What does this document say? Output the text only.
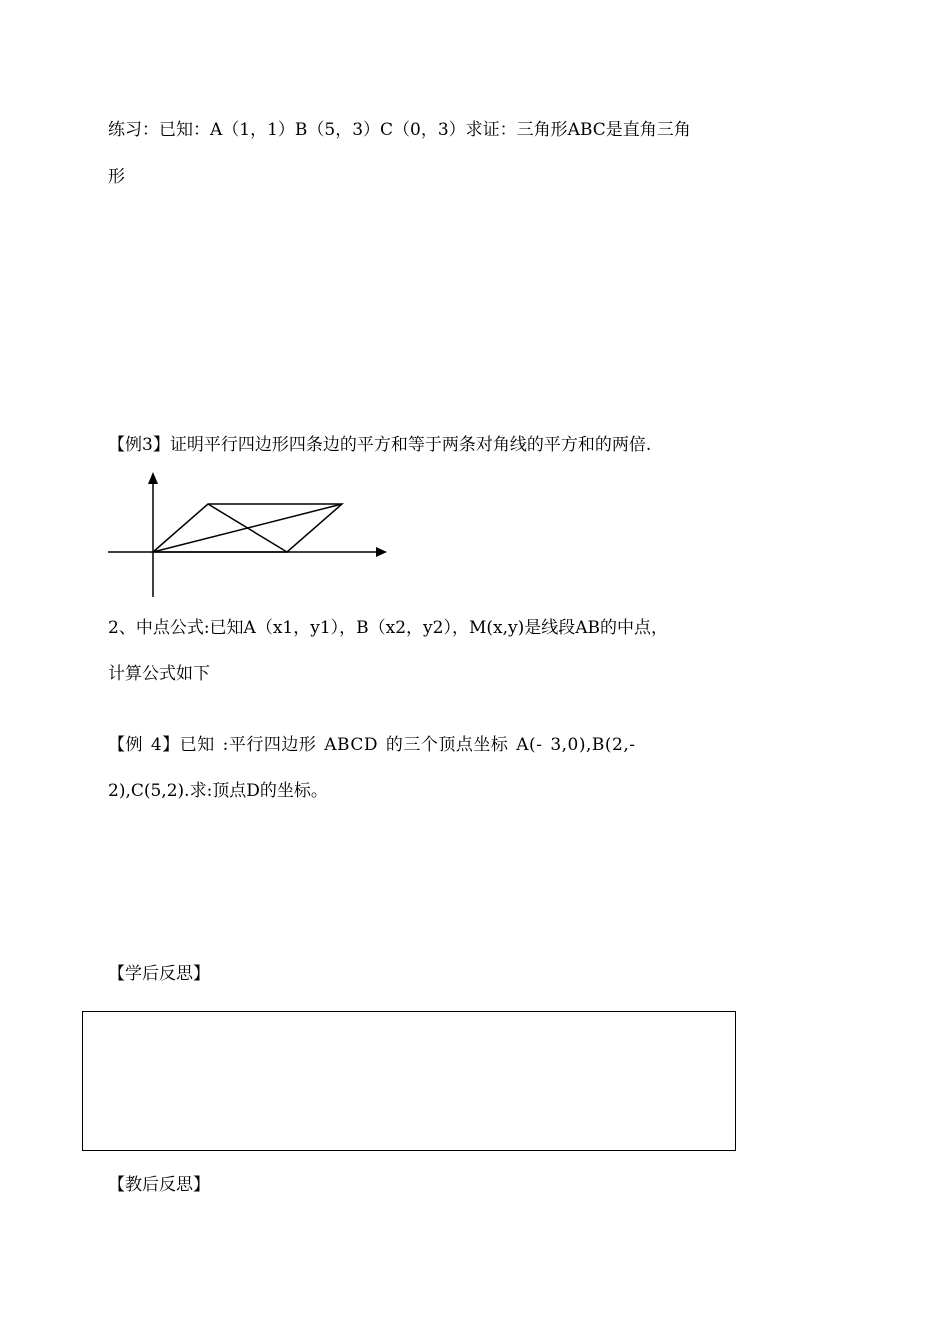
练习：已知：A（1，1）B（5，3）C（0，3）求证：三角形ABC是直角三角
形
【例3】证明平行四边形四条边的平方和等于两条对角线的平方和的两倍.
2、中点公式:已知A（x1，y1），B（x2，y2），M(x,y)是线段AB的中点，
计算公式如下
【例 4】已知 :平行四边形 ABCD 的三个顶点坐标 A(- 3,0),B(2,-
2),C(5,2).求:顶点D的坐标。
【学后反思】
【教后反思】
